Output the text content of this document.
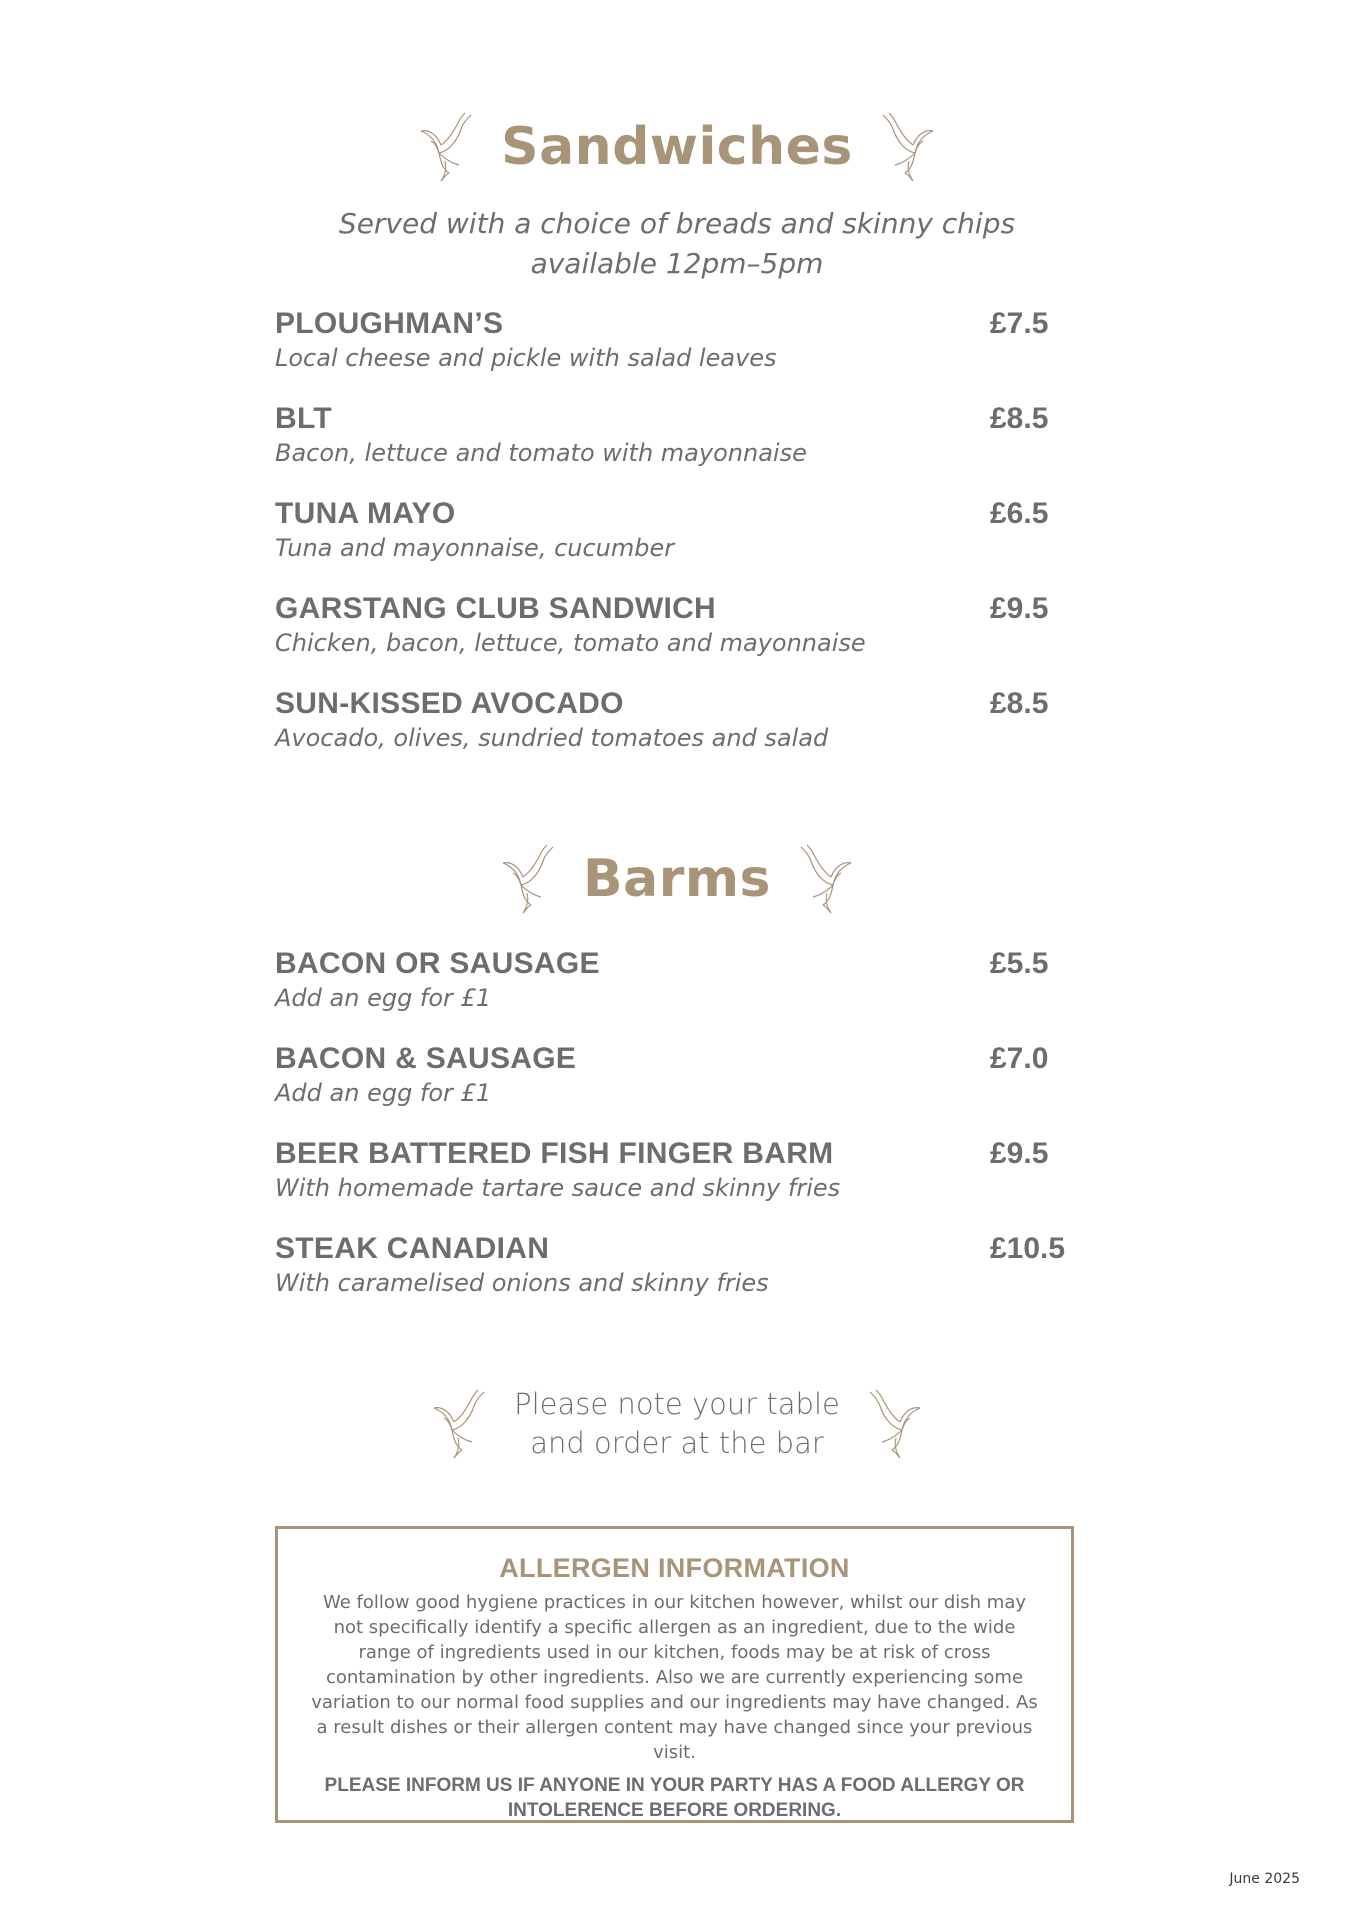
Sandwiches
Served with a choice of breads and skinny chips
available 12pm–5pm
PLOUGHMAN’S	£7.5
Local cheese and pickle with salad leaves
BLT	£8.5
Bacon, lettuce and tomato with mayonnaise
TUNA MAYO	£6.5
Tuna and mayonnaise, cucumber
GARSTANG CLUB SANDWICH	£9.5
Chicken, bacon, lettuce, tomato and mayonnaise
SUN-KISSED AVOCADO	£8.5
Avocado, olives, sundried tomatoes and salad
Barms
BACON OR SAUSAGE	£5.5
Add an egg for £1
BACON & SAUSAGE	£7.0
Add an egg for £1
BEER BATTERED FISH FINGER BARM	£9.5
With homemade tartare sauce and skinny fries
STEAK CANADIAN	£10.5
With caramelised onions and skinny fries
Please note your table
and order at the bar
ALLERGEN INFORMATION
We follow good hygiene practices in our kitchen however, whilst our dish may not specifically identify a specific allergen as an ingredient, due to the wide range of ingredients used in our kitchen, foods may be at risk of cross contamination by other ingredients. Also we are currently experiencing some variation to our normal food supplies and our ingredients may have changed. As a result dishes or their allergen content may have changed since your previous visit.
PLEASE INFORM US IF ANYONE IN YOUR PARTY HAS A FOOD ALLERGY OR INTOLERENCE BEFORE ORDERING.
June 2025
